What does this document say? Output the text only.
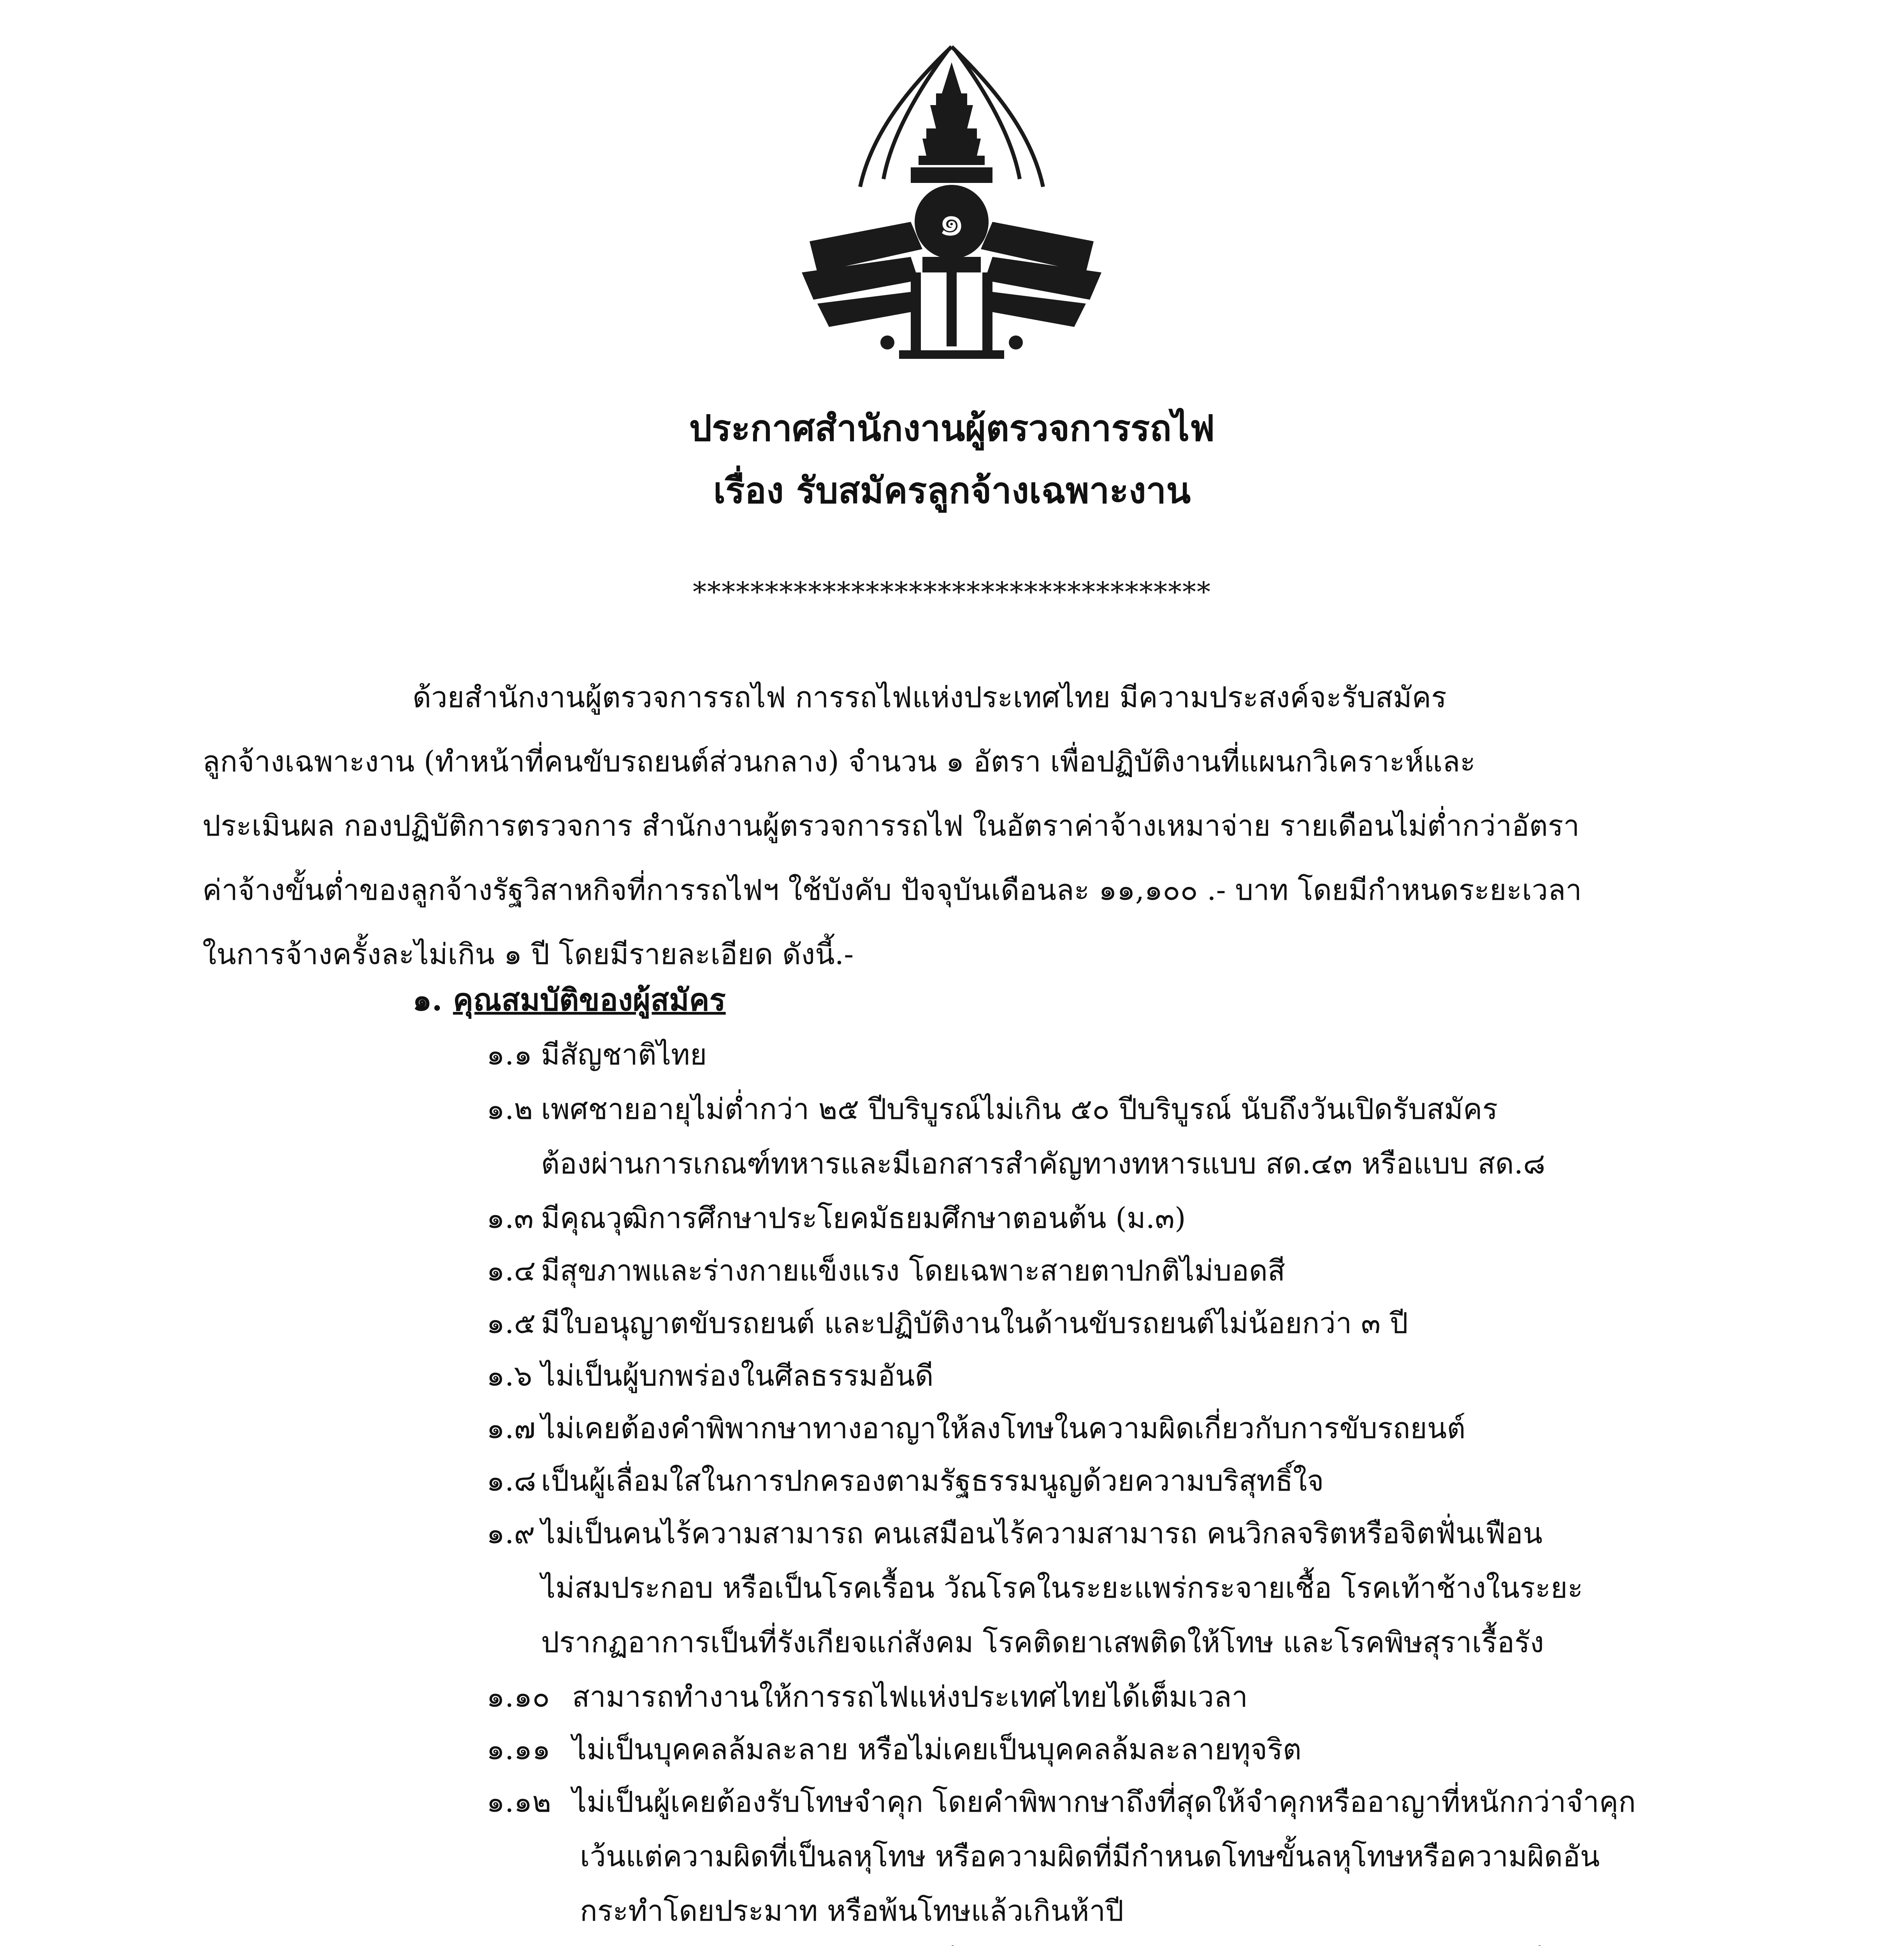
๑
ประกาศสำนักงานผู้ตรวจการรถไฟ
เรื่อง รับสมัครลูกจ้างเฉพาะงาน
************************************
ด้วยสำนักงานผู้ตรวจการรถไฟ การรถไฟแห่งประเทศไทย มีความประสงค์จะรับสมัคร
ลูกจ้างเฉพาะงาน (ทำหน้าที่คนขับรถยนต์ส่วนกลาง) จำนวน ๑ อัตรา เพื่อปฏิบัติงานที่แผนกวิเคราะห์และ
ประเมินผล กองปฏิบัติการตรวจการ สำนักงานผู้ตรวจการรถไฟ ในอัตราค่าจ้างเหมาจ่าย รายเดือนไม่ต่ำกว่าอัตรา
ค่าจ้างขั้นต่ำของลูกจ้างรัฐวิสาหกิจที่การรถไฟฯ ใช้บังคับ ปัจจุบันเดือนละ ๑๑,๑๐๐ .- บาท โดยมีกำหนดระยะเวลา
ในการจ้างครั้งละไม่เกิน ๑ ปี โดยมีรายละเอียด ดังนี้.-
๑. คุณสมบัติของผู้สมัคร
๑.๑ มีสัญชาติไทย
๑.๒ เพศชายอายุไม่ต่ำกว่า ๒๕ ปีบริบูรณ์ไม่เกิน ๕๐ ปีบริบูรณ์ นับถึงวันเปิดรับสมัคร
ต้องผ่านการเกณฑ์ทหารและมีเอกสารสำคัญทางทหารแบบ สด.๔๓ หรือแบบ สด.๘
๑.๓ มีคุณวุฒิการศึกษาประโยคมัธยมศึกษาตอนต้น (ม.๓)
๑.๔ มีสุขภาพและร่างกายแข็งแรง โดยเฉพาะสายตาปกติไม่บอดสี
๑.๕ มีใบอนุญาตขับรถยนต์ และปฏิบัติงานในด้านขับรถยนต์ไม่น้อยกว่า ๓ ปี
๑.๖ ไม่เป็นผู้บกพร่องในศีลธรรมอันดี
๑.๗ ไม่เคยต้องคำพิพากษาทางอาญาให้ลงโทษในความผิดเกี่ยวกับการขับรถยนต์
๑.๘ เป็นผู้เลื่อมใสในการปกครองตามรัฐธรรมนูญด้วยความบริสุทธิ์ใจ
๑.๙ ไม่เป็นคนไร้ความสามารถ คนเสมือนไร้ความสามารถ คนวิกลจริตหรือจิตฟั่นเฟือน
ไม่สมประกอบ หรือเป็นโรคเรื้อน วัณโรคในระยะแพร่กระจายเชื้อ โรคเท้าช้างในระยะ
ปรากฏอาการเป็นที่รังเกียจแก่สังคม โรคติดยาเสพติดให้โทษ และโรคพิษสุราเรื้อรัง
๑.๑๐ สามารถทำงานให้การรถไฟแห่งประเทศไทยได้เต็มเวลา
๑.๑๑ ไม่เป็นบุคคลล้มละลาย หรือไม่เคยเป็นบุคคลล้มละลายทุจริต
๑.๑๒ ไม่เป็นผู้เคยต้องรับโทษจำคุก โดยคำพิพากษาถึงที่สุดให้จำคุกหรืออาญาที่หนักกว่าจำคุก
เว้นแต่ความผิดที่เป็นลหุโทษ หรือความผิดที่มีกำหนดโทษขั้นลหุโทษหรือความผิดอัน
กระทำโดยประมาท หรือพ้นโทษแล้วเกินห้าปี
